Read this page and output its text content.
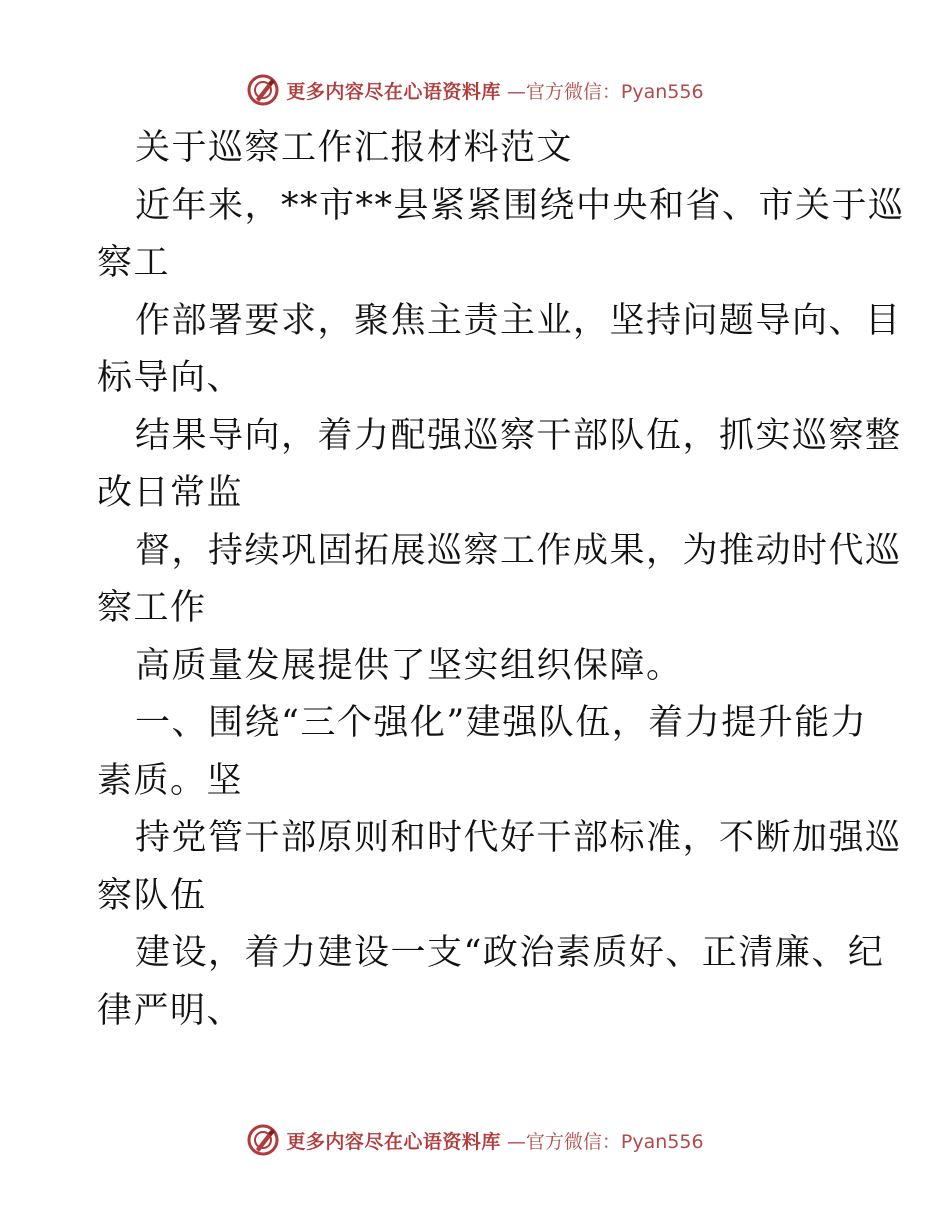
更多内容尽在心语资料库 —官方微信：Pyan556
关于巡察工作汇报材料范文
近年来，**市**县紧紧围绕中央和省、市关于巡
察工
作部署要求，聚焦主责主业，坚持问题导向、目
标导向、
结果导向，着力配强巡察干部队伍，抓实巡察整
改日常监
督，持续巩固拓展巡察工作成果，为推动时代巡
察工作
高质量发展提供了坚实组织保障。
一、围绕“三个强化”建强队伍，着力提升能力
素质。坚
持党管干部原则和时代好干部标准，不断加强巡
察队伍
建设，着力建设一支“政治素质好、正清廉、纪
律严明、
更多内容尽在心语资料库 —官方微信：Pyan556
